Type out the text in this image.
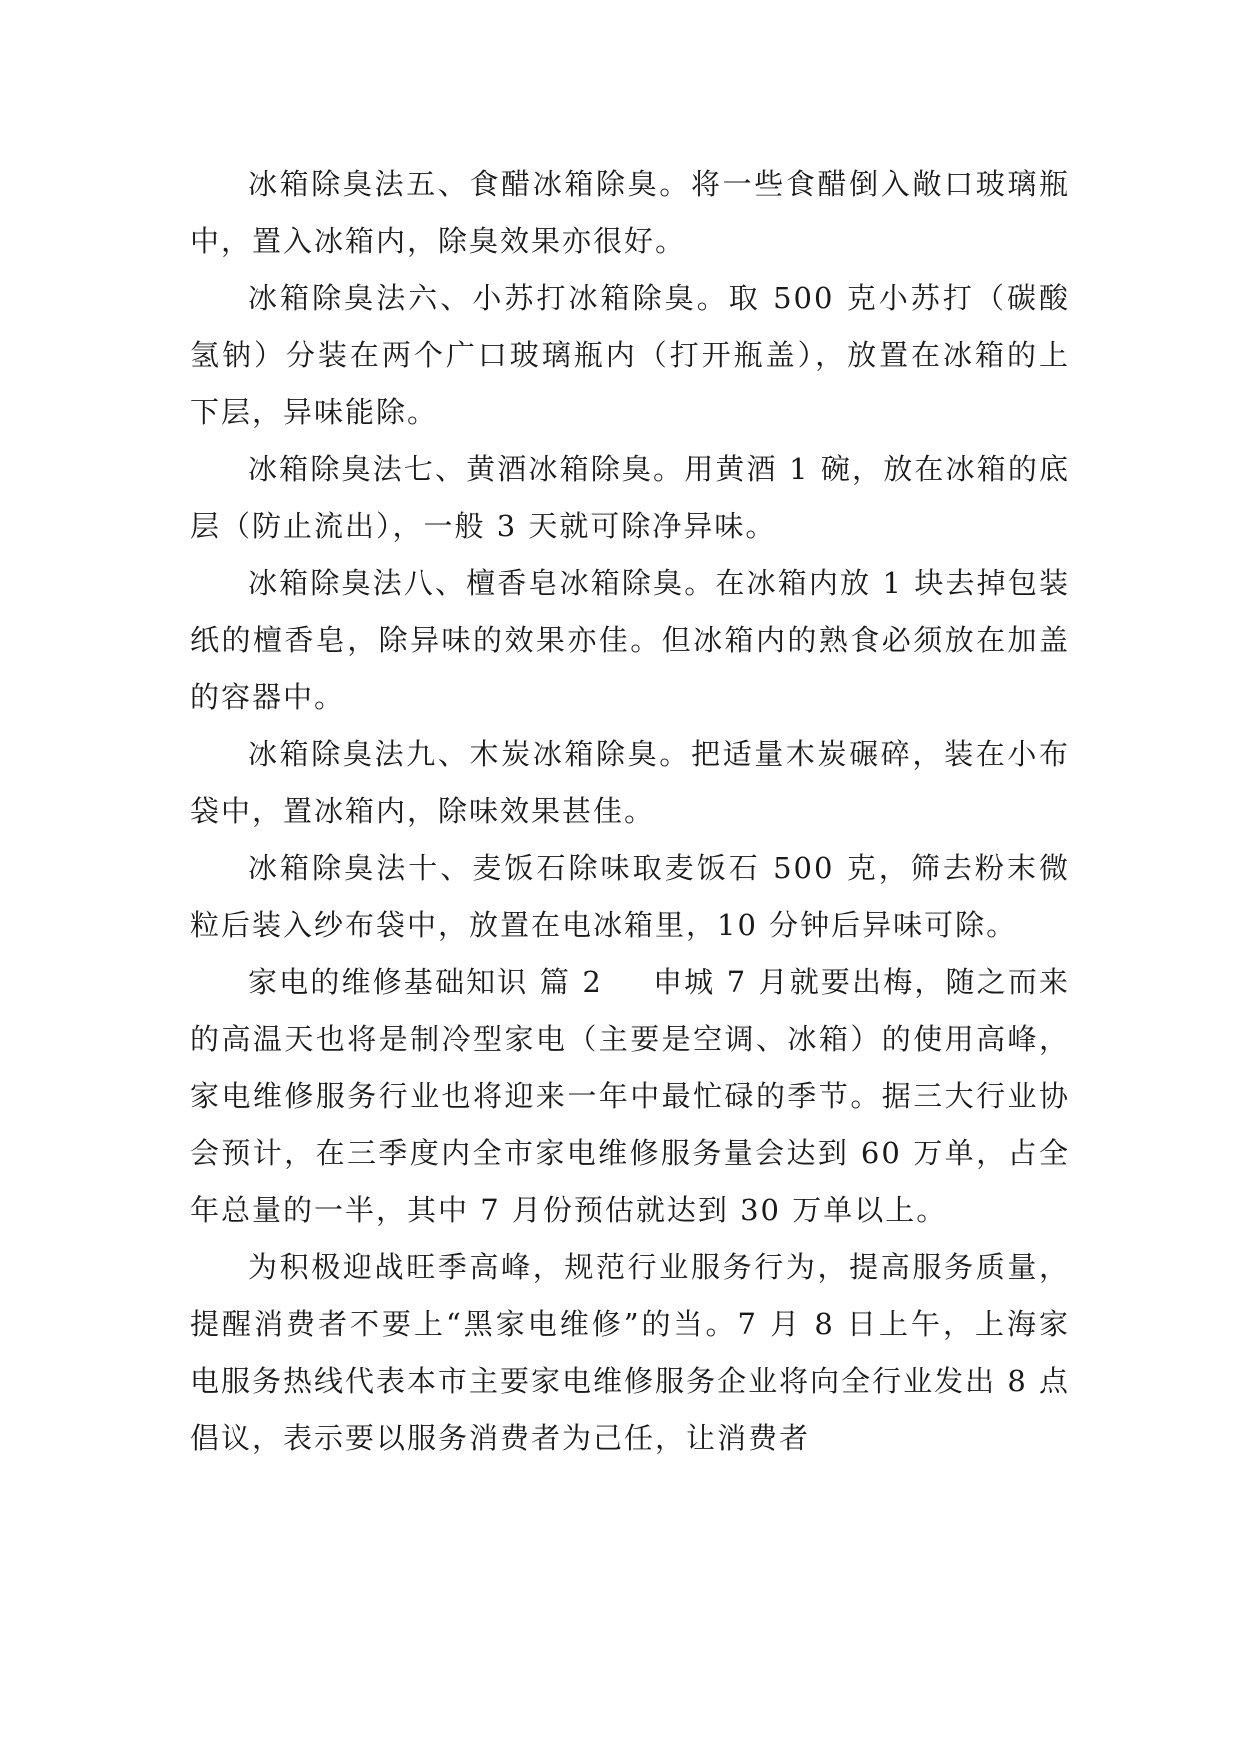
冰箱除臭法五、食醋冰箱除臭。将一些食醋倒入敞口玻璃瓶中，置入冰箱内，除臭效果亦很好。

冰箱除臭法六、小苏打冰箱除臭。取 500 克小苏打（碳酸氢钠）分装在两个广口玻璃瓶内（打开瓶盖），放置在冰箱的上下层，异味能除。

冰箱除臭法七、黄酒冰箱除臭。用黄酒 1 碗，放在冰箱的底层（防止流出），一般 3 天就可除净异味。

冰箱除臭法八、檀香皂冰箱除臭。在冰箱内放 1 块去掉包装纸的檀香皂，除异味的效果亦佳。但冰箱内的熟食必须放在加盖的容器中。

冰箱除臭法九、木炭冰箱除臭。把适量木炭碾碎，装在小布袋中，置冰箱内，除味效果甚佳。

冰箱除臭法十、麦饭石除味取麦饭石 500 克，筛去粉末微粒后装入纱布袋中，放置在电冰箱里，10 分钟后异味可除。

家电的维修基础知识 篇 2 申城 7 月就要出梅，随之而来的高温天也将是制冷型家电（主要是空调、冰箱）的使用高峰，家电维修服务行业也将迎来一年中最忙碌的季节。据三大行业协会预计，在三季度内全市家电维修服务量会达到 60 万单，占全年总量的一半，其中 7 月份预估就达到 30 万单以上。

为积极迎战旺季高峰，规范行业服务行为，提高服务质量，提醒消费者不要上“黑家电维修”的当。7 月 8 日上午，上海家电服务热线代表本市主要家电维修服务企业将向全行业发出 8 点倡议，表示要以服务消费者为己任，让消费者
